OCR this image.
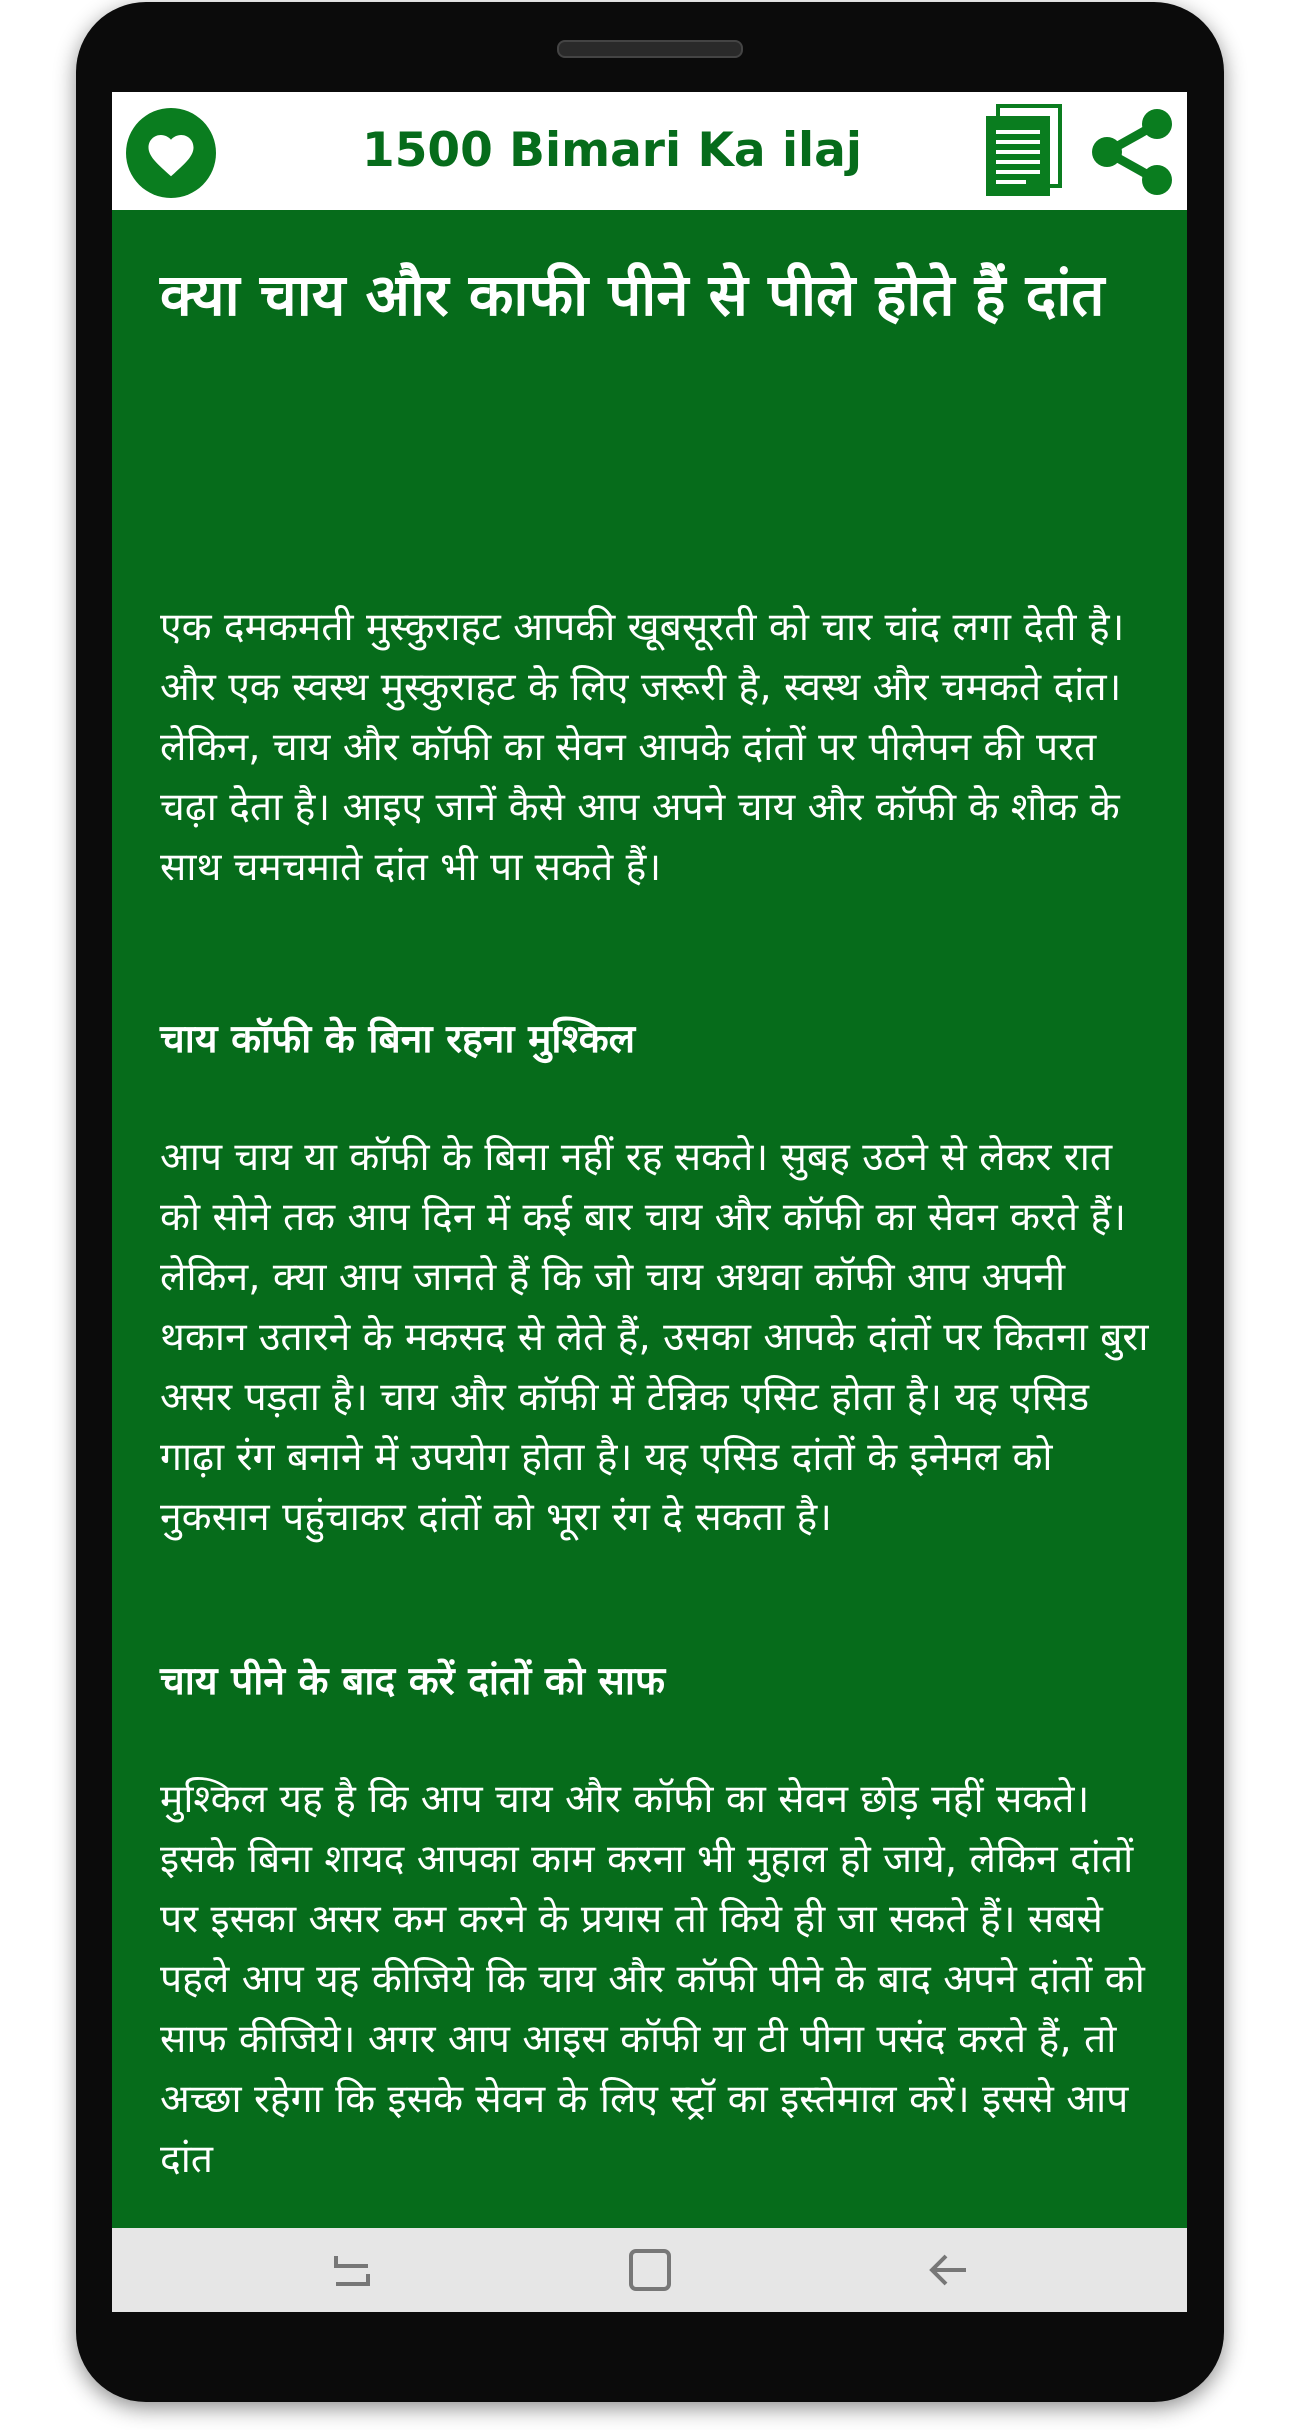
1500 Bimari Ka ilaj
क्या चाय और काफी पीने से पीले होते हैं दांत

एक दमकमती मुस्कुराहट आपकी खूबसूरती को चार चांद लगा देती है। और एक स्वस्थ मुस्कुराहट के लिए जरूरी है, स्वस्थ और चमकते दांत। लेकिन, चाय और कॉफी का सेवन आपके दांतों पर पीलेपन की परत चढ़ा देता है। आइए जानें कैसे आप अपने चाय और कॉफी के शौक के साथ चमचमाते दांत भी पा सकते हैं।

चाय कॉफी के बिना रहना मुश्किल

आप चाय या कॉफी के बिना नहीं रह सकते। सुबह उठने से लेकर रात को सोने तक आप दिन में कई बार चाय और कॉफी का सेवन करते हैं। लेकिन, क्या आप जानते हैं कि जो चाय अथवा कॉफी आप अपनी थकान उतारने के मकसद से लेते हैं, उसका आपके दांतों पर कितना बुरा असर पड़ता है। चाय और कॉफी में टेन्निक एसिट होता है। यह एसिड गाढ़ा रंग बनाने में उपयोग होता है। यह एसिड दांतों के इनेमल को नुकसान पहुंचाकर दांतों को भूरा रंग दे सकता है।

चाय पीने के बाद करें दांतों को साफ

मुश्किल यह है कि आप चाय और कॉफी का सेवन छोड़ नहीं सकते। इसके बिना शायद आपका काम करना भी मुहाल हो जाये, लेकिन दांतों पर इसका असर कम करने के प्रयास तो किये ही जा सकते हैं। सबसे पहले आप यह कीजिये कि चाय और कॉफी पीने के बाद अपने दांतों को साफ कीजिये। अगर आप आइस कॉफी या टी पीना पसंद करते हैं, तो अच्छा रहेगा कि इसके सेवन के लिए स्ट्रॉ का इस्तेमाल करें। इससे आप दांत
